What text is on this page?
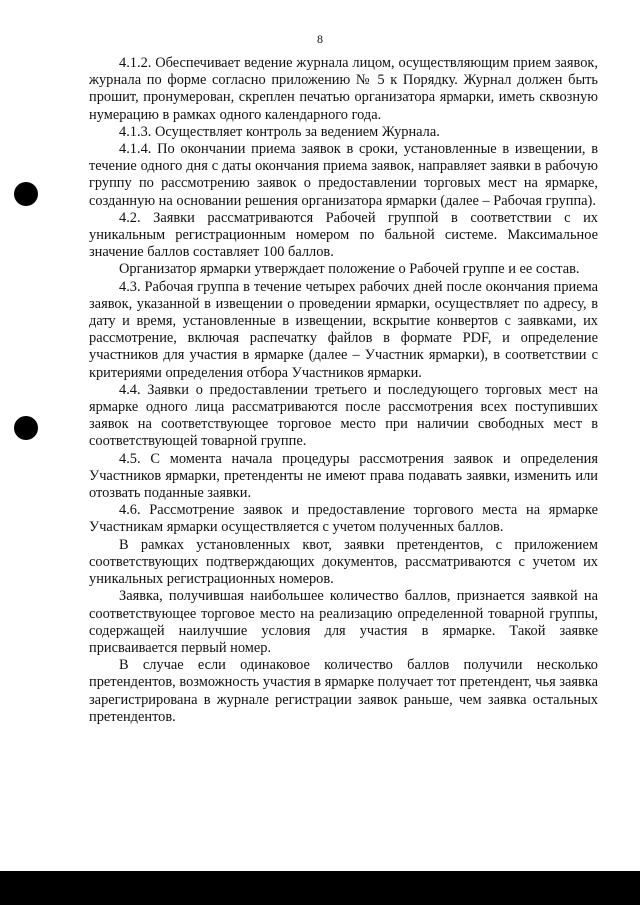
8

4.1.2. Обеспечивает ведение журнала лицом, осуществляющим прием заявок, журнала по форме согласно приложению № 5 к Порядку. Журнал должен быть прошит, пронумерован, скреплен печатью организатора ярмарки, иметь сквозную нумерацию в рамках одного календарного года.

4.1.3. Осуществляет контроль за ведением Журнала.

4.1.4. По окончании приема заявок в сроки, установленные в извещении, в течение одного дня с даты окончания приема заявок, направляет заявки в рабочую группу по рассмотрению заявок о предоставлении торговых мест на ярмарке, созданную на основании решения организатора ярмарки (далее – Рабочая группа).

4.2. Заявки рассматриваются Рабочей группой в соответствии с их уникальным регистрационным номером по бальной системе. Максимальное значение баллов составляет 100 баллов.

Организатор ярмарки утверждает положение о Рабочей группе и ее состав.

4.3. Рабочая группа в течение четырех рабочих дней после окончания приема заявок, указанной в извещении о проведении ярмарки, осуществляет по адресу, в дату и время, установленные в извещении, вскрытие конвертов с заявками, их рассмотрение, включая распечатку файлов в формате PDF, и определение участников для участия в ярмарке (далее – Участник ярмарки), в соответствии с критериями определения отбора Участников ярмарки.

4.4. Заявки о предоставлении третьего и последующего торговых мест на ярмарке одного лица рассматриваются после рассмотрения всех поступивших заявок на соответствующее торговое место при наличии свободных мест в соответствующей товарной группе.

4.5. С момента начала процедуры рассмотрения заявок и определения Участников ярмарки, претенденты не имеют права подавать заявки, изменить или отозвать поданные заявки.

4.6. Рассмотрение заявок и предоставление торгового места на ярмарке Участникам ярмарки осуществляется с учетом полученных баллов.

В рамках установленных квот, заявки претендентов, с приложением соответствующих подтверждающих документов, рассматриваются с учетом их уникальных регистрационных номеров.

Заявка, получившая наибольшее количество баллов, признается заявкой на соответствующее торговое место на реализацию определенной товарной группы, содержащей наилучшие условия для участия в ярмарке. Такой заявке присваивается первый номер.

В случае если одинаковое количество баллов получили несколько претендентов, возможность участия в ярмарке получает тот претендент, чья заявка зарегистрирована в журнале регистрации заявок раньше, чем заявка остальных претендентов.
